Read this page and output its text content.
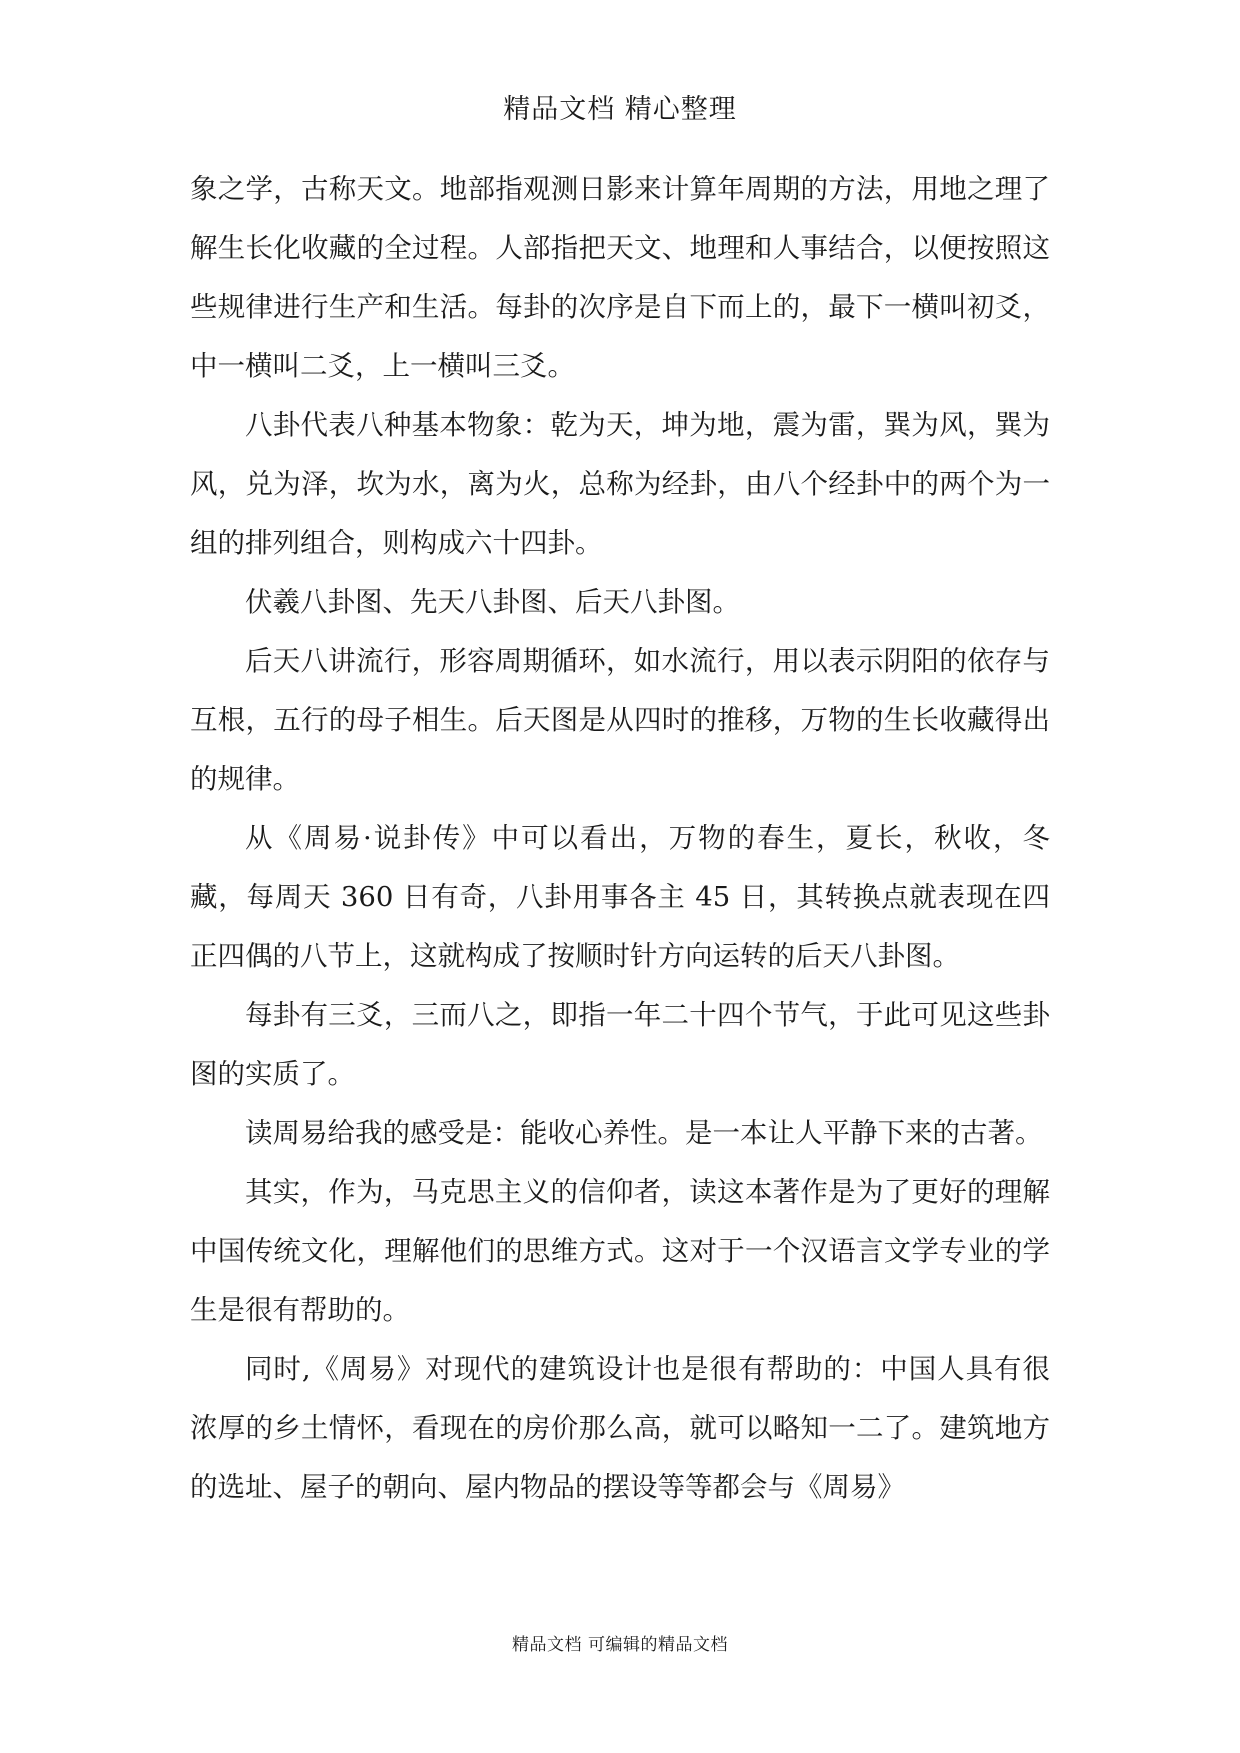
精品文档 精心整理

象之学，古称天文。地部指观测日影来计算年周期的方法，用地之理了解生长化收藏的全过程。人部指把天文、地理和人事结合，以便按照这些规律进行生产和生活。每卦的次序是自下而上的，最下一横叫初爻，中一横叫二爻，上一横叫三爻。

八卦代表八种基本物象：乾为天，坤为地，震为雷，巽为风，巽为风，兑为泽，坎为水，离为火，总称为经卦，由八个经卦中的两个为一组的排列组合，则构成六十四卦。

伏羲八卦图、先天八卦图、后天八卦图。

后天八讲流行，形容周期循环，如水流行，用以表示阴阳的依存与互根，五行的母子相生。后天图是从四时的推移，万物的生长收藏得出的规律。

从《周易·说卦传》中可以看出，万物的春生，夏长，秋收，冬藏，每周天 360 日有奇，八卦用事各主 45 日，其转换点就表现在四正四偶的八节上，这就构成了按顺时针方向运转的后天八卦图。

每卦有三爻，三而八之，即指一年二十四个节气，于此可见这些卦图的实质了。

读周易给我的感受是：能收心养性。是一本让人平静下来的古著。

其实，作为，马克思主义的信仰者，读这本著作是为了更好的理解中国传统文化，理解他们的思维方式。这对于一个汉语言文学专业的学生是很有帮助的。

同时,《周易》对现代的建筑设计也是很有帮助的：中国人具有很浓厚的乡土情怀，看现在的房价那么高，就可以略知一二了。建筑地方的选址、屋子的朝向、屋内物品的摆设等等都会与《周易》

精品文档 可编辑的精品文档
